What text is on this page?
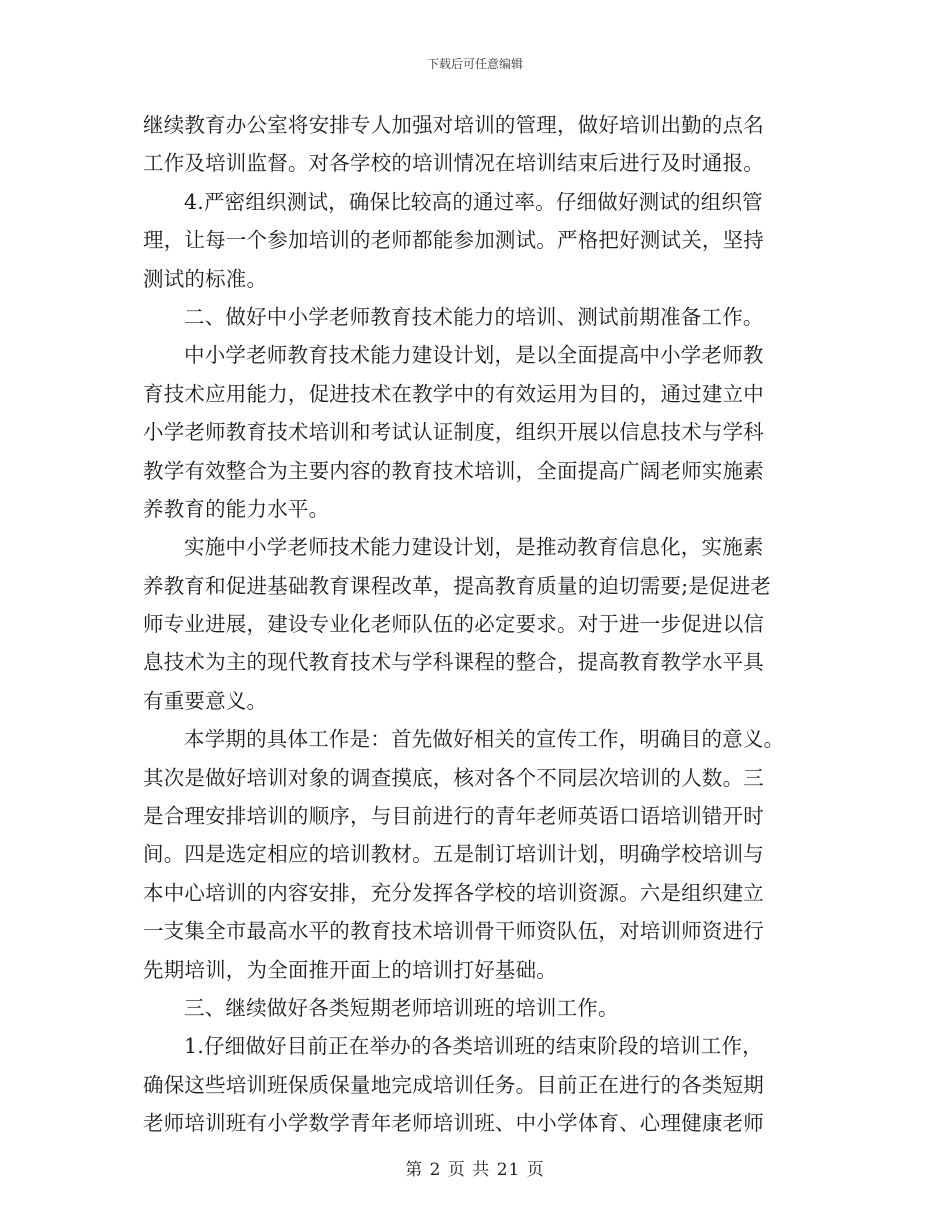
下载后可任意编辑
继续教育办公室将安排专人加强对培训的管理，做好培训出勤的点名
工作及培训监督。对各学校的培训情况在培训结束后进行及时通报。
4.严密组织测试，确保比较高的通过率。仔细做好测试的组织管
理，让每一个参加培训的老师都能参加测试。严格把好测试关，坚持
测试的标准。
二、做好中小学老师教育技术能力的培训、测试前期准备工作。
中小学老师教育技术能力建设计划，是以全面提高中小学老师教
育技术应用能力，促进技术在教学中的有效运用为目的，通过建立中
小学老师教育技术培训和考试认证制度，组织开展以信息技术与学科
教学有效整合为主要内容的教育技术培训，全面提高广阔老师实施素
养教育的能力水平。
实施中小学老师技术能力建设计划，是推动教育信息化，实施素
养教育和促进基础教育课程改革，提高教育质量的迫切需要;是促进老
师专业进展，建设专业化老师队伍的必定要求。对于进一步促进以信
息技术为主的现代教育技术与学科课程的整合，提高教育教学水平具
有重要意义。
本学期的具体工作是：首先做好相关的宣传工作，明确目的意义。
其次是做好培训对象的调查摸底，核对各个不同层次培训的人数。三
是合理安排培训的顺序，与目前进行的青年老师英语口语培训错开时
间。四是选定相应的培训教材。五是制订培训计划，明确学校培训与
本中心培训的内容安排，充分发挥各学校的培训资源。六是组织建立
一支集全市最高水平的教育技术培训骨干师资队伍，对培训师资进行
先期培训，为全面推开面上的培训打好基础。
三、继续做好各类短期老师培训班的培训工作。
1.仔细做好目前正在举办的各类培训班的结束阶段的培训工作，
确保这些培训班保质保量地完成培训任务。目前正在进行的各类短期
老师培训班有小学数学青年老师培训班、中小学体育、心理健康老师
第 2 页 共 21 页
